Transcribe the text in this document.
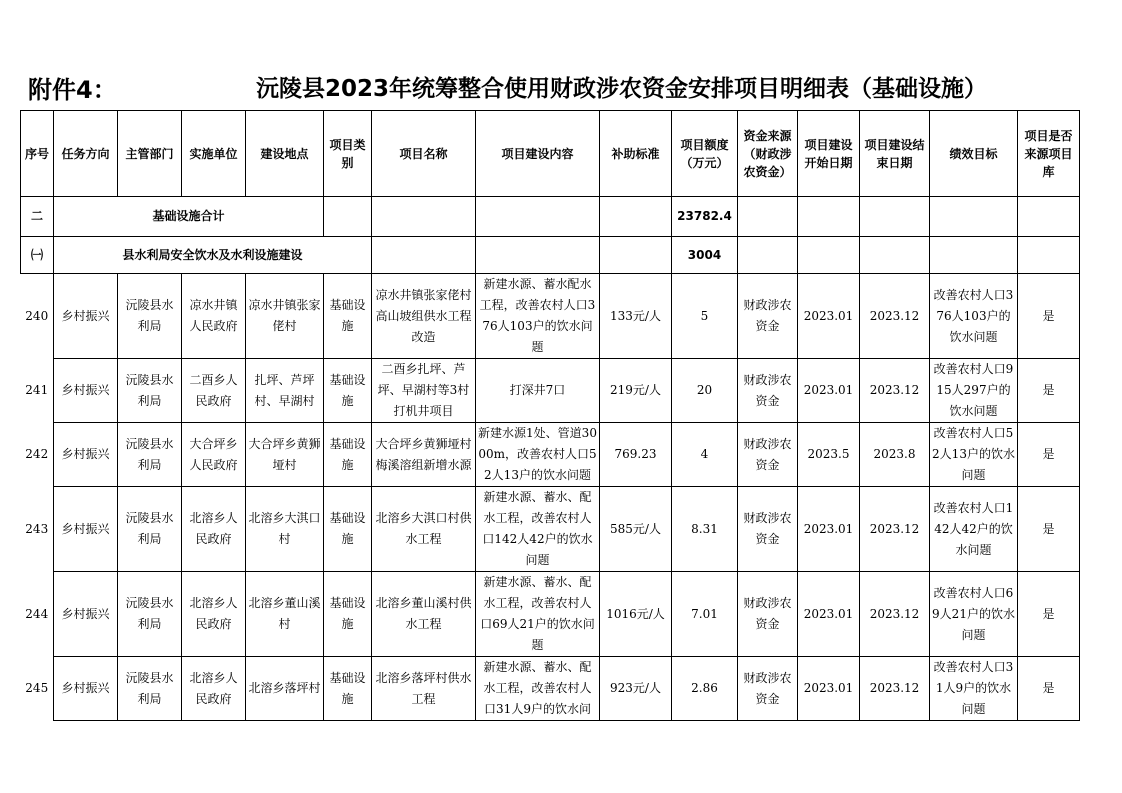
附件4：	沅陵县2023年统筹整合使用财政涉农资金安排项目明细表（基础设施）
序号	任务方向	主管部门	实施单位	建设地点	项目类别	项目名称	项目建设内容	补助标准	项目额度（万元）	资金来源（财政涉农资金）	项目建设开始日期	项目建设结束日期	绩效目标	项目是否来源项目库
二	基础设施合计								23782.4					
㈠	县水利局安全饮水及水利设施建设								3004					
240	乡村振兴	沅陵县水利局	凉水井镇人民政府	凉水井镇张家佬村	基础设施	凉水井镇张家佬村高山坡组供水工程改造	新建水源、蓄水配水工程，改善农村人口376人103户的饮水问题	133元/人	5	财政涉农资金	2023.01	2023.12	改善农村人口376人103户的饮水问题	是
241	乡村振兴	沅陵县水利局	二酉乡人民政府	扎坪、芦坪村、早湖村	基础设施	二酉乡扎坪、芦坪、早湖村等3村打机井项目	打深井7口	219元/人	20	财政涉农资金	2023.01	2023.12	改善农村人口915人297户的饮水问题	是
242	乡村振兴	沅陵县水利局	大合坪乡人民政府	大合坪乡黄狮垭村	基础设施	大合坪乡黄狮垭村梅溪溶组新增水源	新建水源1处、管道3000m，改善农村人口52人13户的饮水问题	769.23	4	财政涉农资金	2023.5	2023.8	改善农村人口52人13户的饮水问题	是
243	乡村振兴	沅陵县水利局	北溶乡人民政府	北溶乡大淇口村	基础设施	北溶乡大淇口村供水工程	新建水源、蓄水、配水工程，改善农村人口142人42户的饮水问题	585元/人	8.31	财政涉农资金	2023.01	2023.12	改善农村人口142人42户的饮水问题	是
244	乡村振兴	沅陵县水利局	北溶乡人民政府	北溶乡董山溪村	基础设施	北溶乡董山溪村供水工程	新建水源、蓄水、配水工程，改善农村人口69人21户的饮水问题	1016元/人	7.01	财政涉农资金	2023.01	2023.12	改善农村人口69人21户的饮水问题	是
245	乡村振兴	沅陵县水利局	北溶乡人民政府	北溶乡落坪村	基础设施	北溶乡落坪村供水工程	新建水源、蓄水、配水工程，改善农村人口31人9户的饮水问	923元/人	2.86	财政涉农资金	2023.01	2023.12	改善农村人口31人9户的饮水问题	是
